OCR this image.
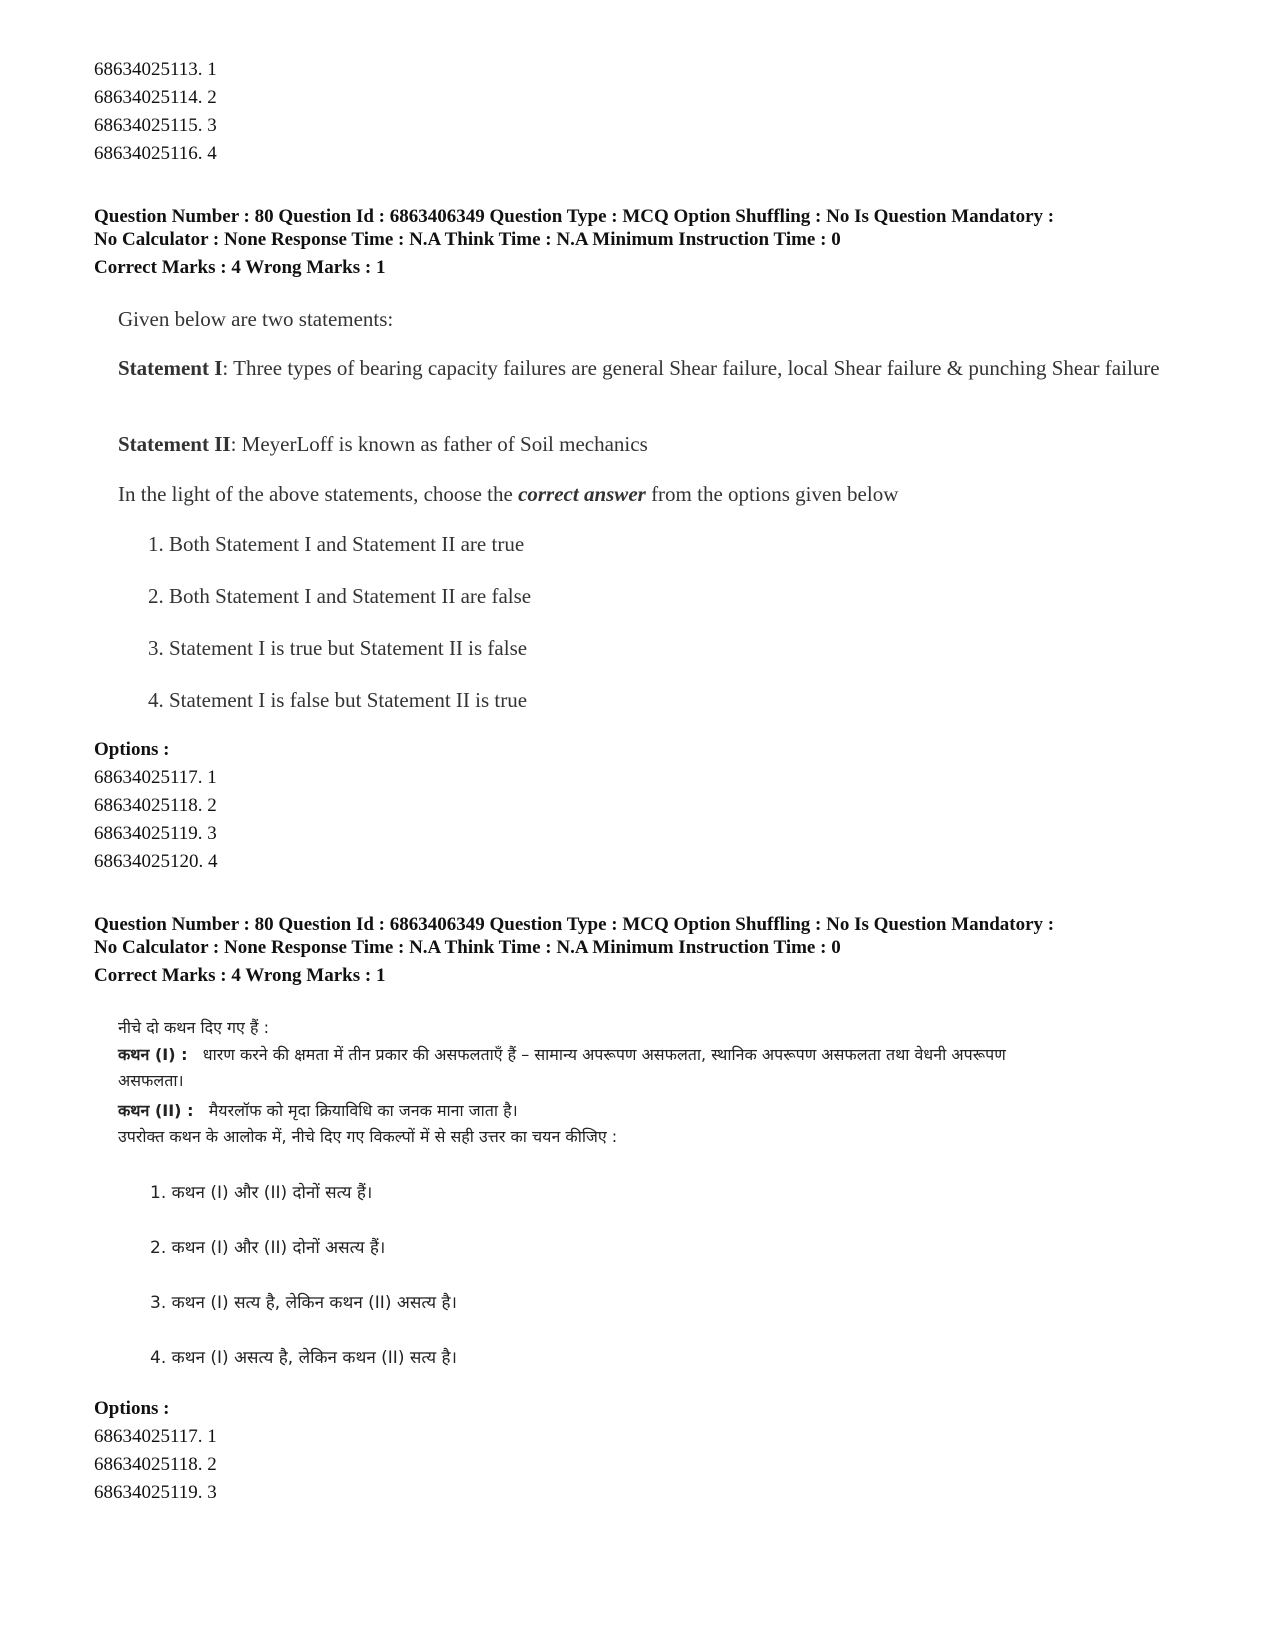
68634025113. 1
68634025114. 2
68634025115. 3
68634025116. 4
Question Number : 80 Question Id : 6863406349 Question Type : MCQ Option Shuffling : No Is Question Mandatory :
No Calculator : None Response Time : N.A Think Time : N.A Minimum Instruction Time : 0
Correct Marks : 4 Wrong Marks : 1
Given below are two statements:
Statement I: Three types of bearing capacity failures are general Shear failure, local Shear failure & punching Shear failure
Statement II: MeyerLoff is known as father of Soil mechanics
In the light of the above statements, choose the correct answer from the options given below
1. Both Statement I and Statement II are true
2. Both Statement I and Statement II are false
3. Statement I is true but Statement II is false
4. Statement I is false but Statement II is true
Options :
68634025117. 1
68634025118. 2
68634025119. 3
68634025120. 4
Question Number : 80 Question Id : 6863406349 Question Type : MCQ Option Shuffling : No Is Question Mandatory :
No Calculator : None Response Time : N.A Think Time : N.A Minimum Instruction Time : 0
Correct Marks : 4 Wrong Marks : 1
नीचे दो कथन दिए गए हैं :
कथन (I) : धारण करने की क्षमता में तीन प्रकार की असफलताएँ हैं – सामान्य अपरूपण असफलता, स्थानिक अपरूपण असफलता तथा वेधनी अपरूपण
असफलता।
कथन (II) : मैयरलॉफ को मृदा क्रियाविधि का जनक माना जाता है।
उपरोक्त कथन के आलोक में, नीचे दिए गए विकल्पों में से सही उत्तर का चयन कीजिए :
1. कथन (I) और (II) दोनों सत्य हैं।
2. कथन (I) और (II) दोनों असत्य हैं।
3. कथन (I) सत्य है, लेकिन कथन (II) असत्य है।
4. कथन (I) असत्य है, लेकिन कथन (II) सत्य है।
Options :
68634025117. 1
68634025118. 2
68634025119. 3
